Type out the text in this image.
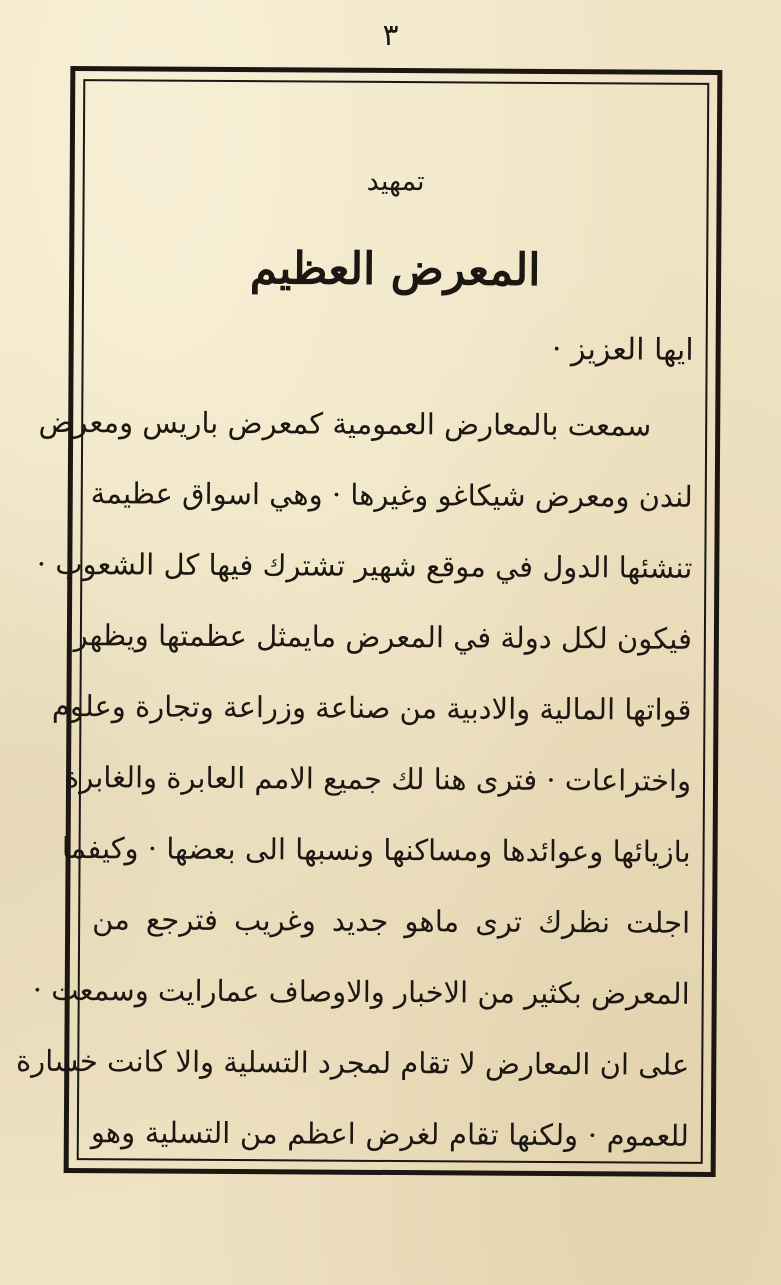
٣
تمهيد
المعرض العظيم
ايها العزيز ·
سمعت بالمعارض العمومية كمعرض باريس ومعرض
لندن ومعرض شيكاغو وغيرها · وهي اسواق عظيمة
تنشئها الدول في موقع شهير تشترك فيها كل الشعوب ·
فيكون لكل دولة في المعرض مايمثل عظمتها ويظهر
قواتها المالية والادبية من صناعة وزراعة وتجارة وعلوم
واختراعات · فترى هنا لك جميع الامم العابرة والغابرة
بازيائها وعوائدها ومساكنها ونسبها الى بعضها · وكيفما
اجلت نظرك ترى ماهو جديد وغريب فترجع من
المعرض بكثير من الاخبار والاوصاف عمارايت وسمعت ·
على ان المعارض لا تقام لمجرد التسلية والا كانت خسارة
للعموم · ولكنها تقام لغرض اعظم من التسلية وهو
